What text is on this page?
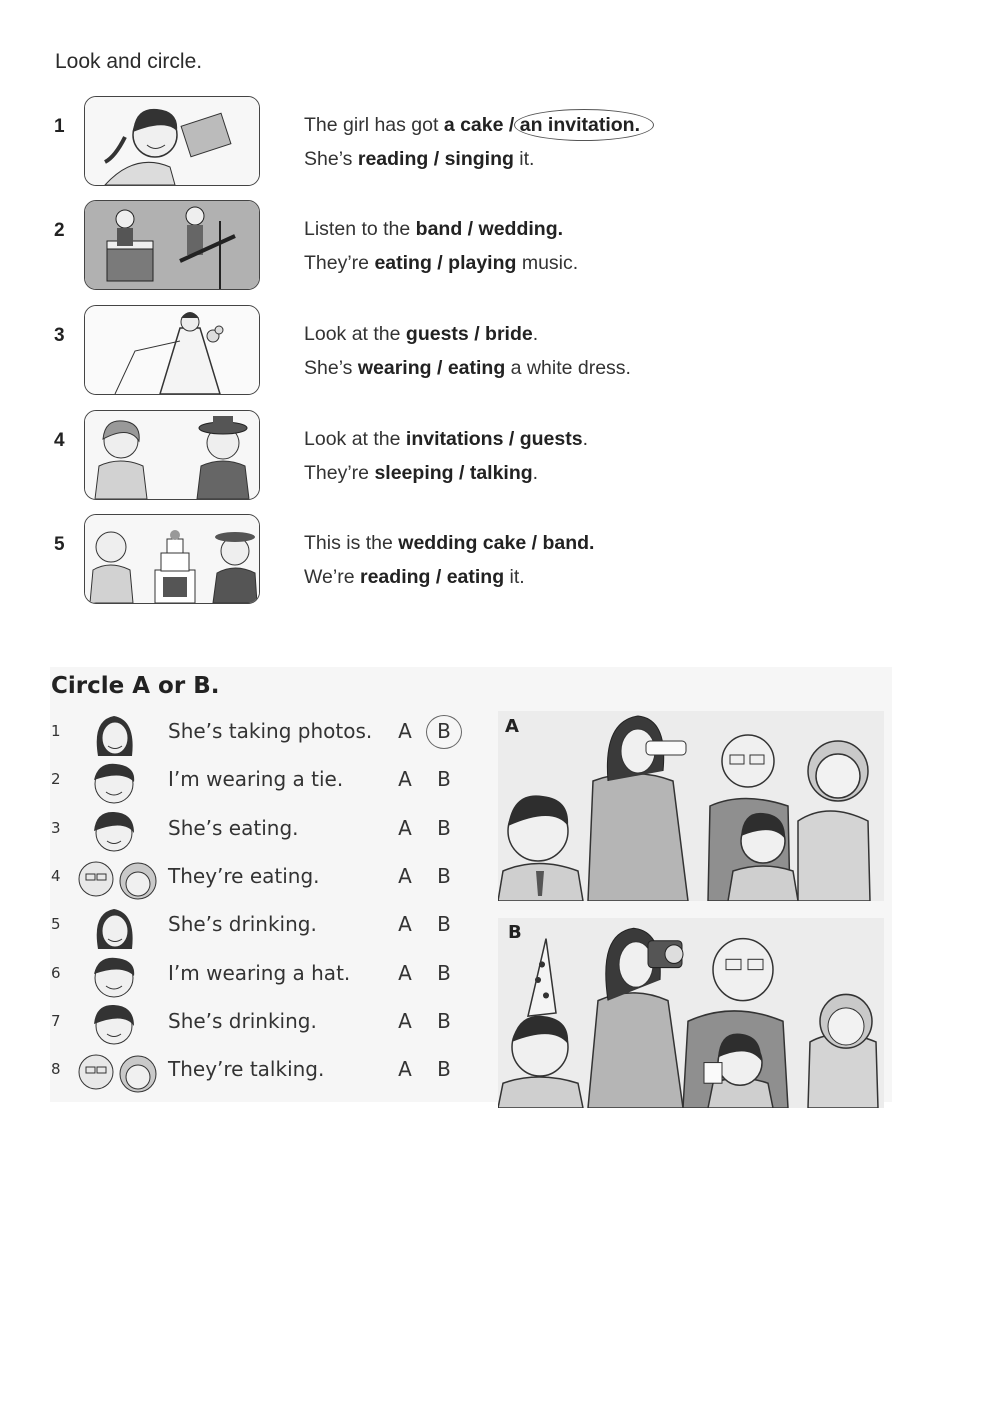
Look and circle.
1	The girl has got a cake / an invitation.
She’s reading / singing it.
2	Listen to the band / wedding.
They’re eating / playing music.
3	Look at the guests / bride.
She’s wearing / eating a white dress.
4	Look at the invitations / guests.
They’re sleeping / talking.
5	This is the wedding cake / band.
We’re reading / eating it.
Circle A or B.
1	She’s taking photos. A B
2	I’m wearing a tie.	A B
3	She’s eating.	A B
4	They’re eating.	A B
5	She’s drinking.	A B
6	I’m wearing a hat. A B
7	She’s drinking.	A B
8	They’re talking.	A B
A
B
